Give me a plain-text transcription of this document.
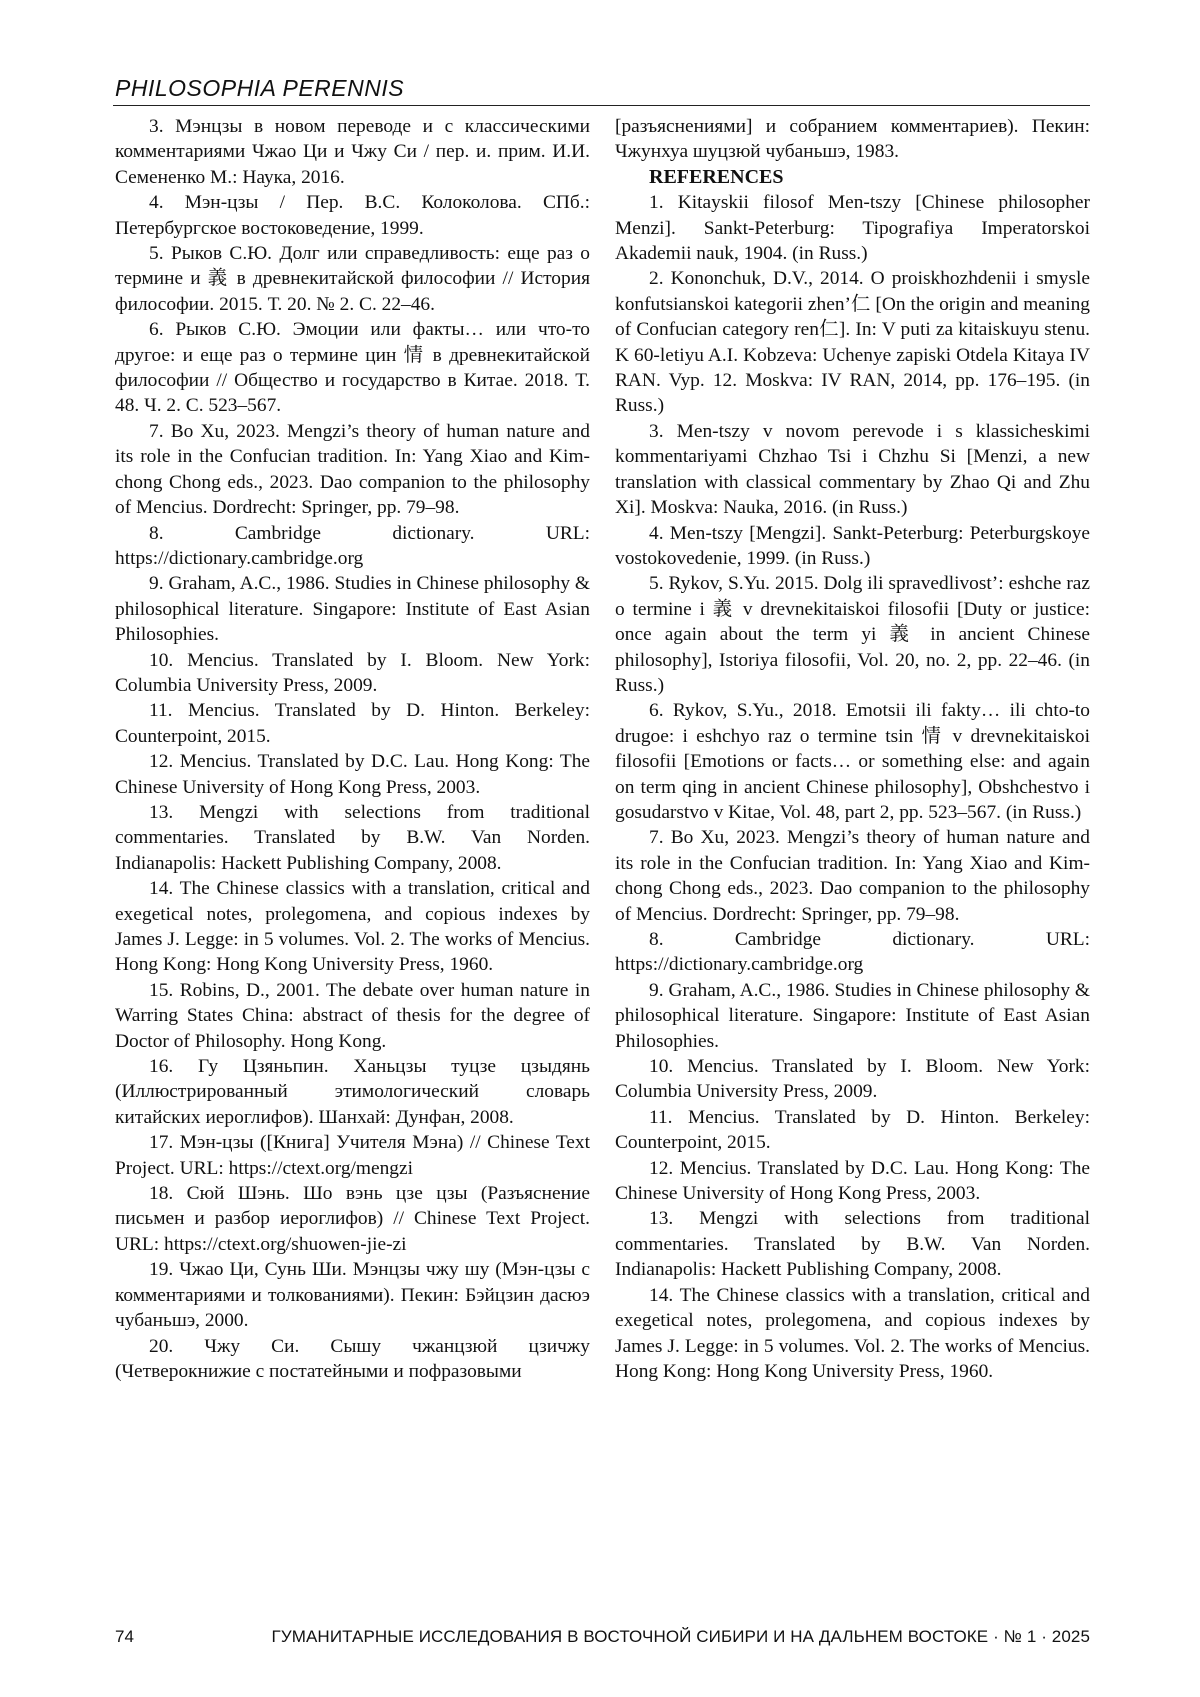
PHILOSOPHIA PERENNIS

3. Мэнцзы в новом переводе и с классическими комментариями Чжао Ци и Чжу Си / пер. и. прим. И.И. Семененко М.: Наука, 2016.

4. Мэн-цзы / Пер. В.С. Колоколова. СПб.: Петербургское востоковедение, 1999.

5. Рыков С.Ю. Долг или справедливость: еще раз о термине и 義 в древнекитайской философии // История философии. 2015. Т. 20. № 2. С. 22–46.

6. Рыков С.Ю. Эмоции или факты… или что-то другое: и еще раз о термине цин 情 в древнекитайской философии // Общество и государство в Китае. 2018. Т. 48. Ч. 2. С. 523–567.

7. Bo Xu, 2023. Mengzi’s theory of human nature and its role in the Confucian tradition. In: Yang Xiao and Kim-chong Chong eds., 2023. Dao companion to the philosophy of Mencius. Dordrecht: Springer, pp. 79–98.

8. Cambridge dictionary. URL: https://dictionary.cambridge.org

9. Graham, A.C., 1986. Studies in Chinese philosophy & philosophical literature. Singapore: Institute of East Asian Philosophies.

10. Mencius. Translated by I. Bloom. New York: Columbia University Press, 2009.

11. Mencius. Translated by D. Hinton. Berkeley: Counterpoint, 2015.

12. Mencius. Translated by D.C. Lau. Hong Kong: The Chinese University of Hong Kong Press, 2003.

13. Mengzi with selections from traditional commentaries. Translated by B.W. Van Norden. Indianapolis: Hackett Publishing Company, 2008.

14. The Chinese classics with a translation, critical and exegetical notes, prolegomena, and copious indexes by James J. Legge: in 5 volumes. Vol. 2. The works of Mencius. Hong Kong: Hong Kong University Press, 1960.

15. Robins, D., 2001. The debate over human nature in Warring States China: abstract of thesis for the degree of Doctor of Philosophy. Hong Kong.

16. Гу Цзяньпин. Ханьцзы туцзе цзыдянь (Иллюстрированный этимологический словарь китайских иероглифов). Шанхай: Дунфан, 2008.

17. Мэн-цзы ([Книга] Учителя Мэна) // Chinese Text Project. URL: https://ctext.org/mengzi

18. Сюй Шэнь. Шо вэнь цзе цзы (Разъяснение письмен и разбор иероглифов) // Chinese Text Project. URL: https://ctext.org/shuowen-jie-zi

19. Чжао Ци, Сунь Ши. Мэнцзы чжу шу (Мэн-цзы с комментариями и толкованиями). Пекин: Бэйцзин дасюэ чубаньшэ, 2000.

20. Чжу Си. Сышу чжанцзюй цзичжу (Четверокнижие с постатейными и пофразовыми

[разъяснениями] и собранием комментариев). Пекин: Чжунхуа шуцзюй чубаньшэ, 1983.

REFERENCES

1. Kitayskii filosof Men-tszy [Chinese philosopher Menzi]. Sankt-Peterburg: Tipografiya Imperatorskoi Akademii nauk, 1904. (in Russ.)

2. Kononchuk, D.V., 2014. O proiskhozhdenii i smysle konfutsianskoi kategorii zhen’仁 [On the origin and meaning of Confucian category ren仁]. In: V puti za kitaiskuyu stenu. K 60-letiyu A.I. Kobzeva: Uchenye zapiski Otdela Kitaya IV RAN. Vyp. 12. Moskva: IV RAN, 2014, pp. 176–195. (in Russ.)

3. Men-tszy v novom perevode i s klassicheskimi kommentariyami Chzhao Tsi i Chzhu Si [Menzi, a new translation with classical commentary by Zhao Qi and Zhu Xi]. Moskva: Nauka, 2016. (in Russ.)

4. Men-tszy [Mengzi]. Sankt-Peterburg: Peterburgskoye vostokovedenie, 1999. (in Russ.)

5. Rykov, S.Yu. 2015. Dolg ili spravedlivost’: eshche raz o termine i 義 v drevnekitaiskoi filosofii [Duty or justice: once again about the term yi 義 in ancient Chinese philosophy], Istoriya filosofii, Vol. 20, no. 2, pp. 22–46. (in Russ.)

6. Rykov, S.Yu., 2018. Emotsii ili fakty… ili chto-to drugoe: i eshchyo raz o termine tsin 情 v drevnekitaiskoi filosofii [Emotions or facts… or something else: and again on term qing in ancient Chinese philosophy], Obshchestvo i gosudarstvo v Kitae, Vol. 48, part 2, pp. 523–567. (in Russ.)

7. Bo Xu, 2023. Mengzi’s theory of human nature and its role in the Confucian tradition. In: Yang Xiao and Kim-chong Chong eds., 2023. Dao companion to the philosophy of Mencius. Dordrecht: Springer, pp. 79–98.

8. Cambridge dictionary. URL: https://dictionary.cambridge.org

9. Graham, A.C., 1986. Studies in Chinese philosophy & philosophical literature. Singapore: Institute of East Asian Philosophies.

10. Mencius. Translated by I. Bloom. New York: Columbia University Press, 2009.

11. Mencius. Translated by D. Hinton. Berkeley: Counterpoint, 2015.

12. Mencius. Translated by D.C. Lau. Hong Kong: The Chinese University of Hong Kong Press, 2003.

13. Mengzi with selections from traditional commentaries. Translated by B.W. Van Norden. Indianapolis: Hackett Publishing Company, 2008.

14. The Chinese classics with a translation, critical and exegetical notes, prolegomena, and copious indexes by James J. Legge: in 5 volumes. Vol. 2. The works of Mencius. Hong Kong: Hong Kong University Press, 1960.

74	ГУМАНИТАРНЫЕ ИССЛЕДОВАНИЯ В ВОСТОЧНОЙ СИБИРИ И НА ДАЛЬНЕМ ВОСТОКЕ · № 1 · 2025
